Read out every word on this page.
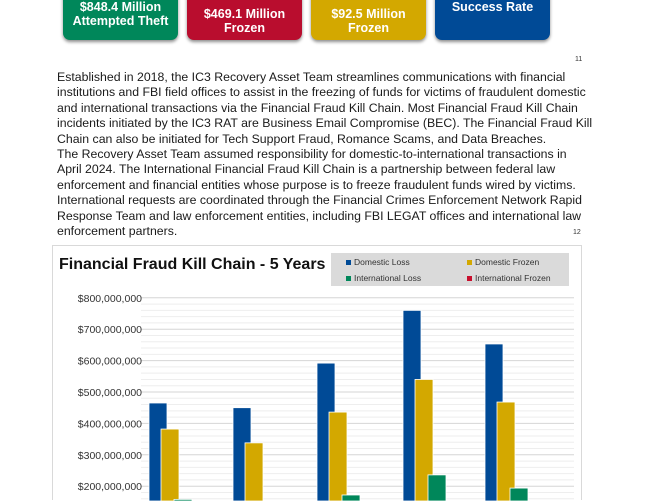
$848.4 Million
Attempted Theft	$469.1 Million
Frozen
$92.5 Million
Frozen
Success Rate
11
Established in 2018, the IC3 Recovery Asset Team streamlines communications with financial
institutions and FBI field offices to assist in the freezing of funds for victims of fraudulent domestic
and international transactions via the Financial Fraud Kill Chain. Most Financial Fraud Kill Chain
incidents initiated by the IC3 RAT are Business Email Compromise (BEC). The Financial Fraud Kill
Chain can also be initiated for Tech Support Fraud, Romance Scams, and Data Breaches.
The Recovery Asset Team assumed responsibility for domestic-to-international transactions in
April 2024. The International Financial Fraud Kill Chain is a partnership between federal law
enforcement and financial entities whose purpose is to freeze fraudulent funds wired by victims.
International requests are coordinated through the Financial Crimes Enforcement Network Rapid
Response Team and law enforcement entities, including FBI LEGAT offices and international law
enforcement partners.	12
$200,000,000
$300,000,000
$400,000,000
$500,000,000
$600,000,000
$700,000,000
$800,000,000
Financial Fraud Kill Chain - 5 Years	Domestic Loss	Domestic Frozen
International Loss	International Frozen
